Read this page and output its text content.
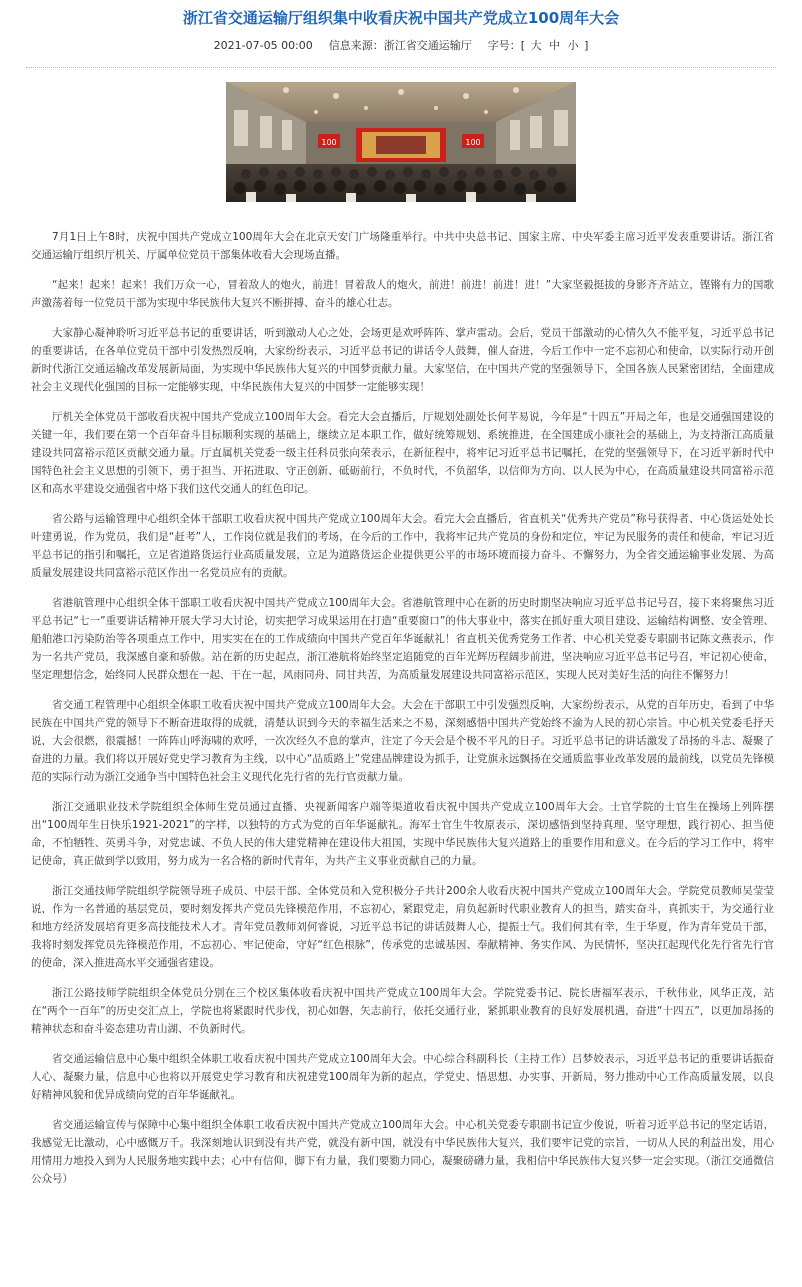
浙江省交通运输厅组织集中收看庆祝中国共产党成立100周年大会
2021-07-05 00:00 信息来源：浙江省交通运输厅 字号：[ 大 中 小 ]
100	100

7月1日上午8时，庆祝中国共产党成立100周年大会在北京天安门广场隆重举行。中共中央总书记、国家主席、中央军委主席习近平发表重要讲话。浙江省交通运输厅组织厅机关、厅属单位党员干部集体收看大会现场直播。

“起来！起来！起来！我们万众一心，冒着敌人的炮火，前进！冒着敌人的炮火，前进！前进！前进！进！”大家坚毅挺拔的身影齐齐站立，铿锵有力的国歌声激荡着每一位党员干部为实现中华民族伟大复兴不断拼搏、奋斗的雄心壮志。

大家静心凝神聆听习近平总书记的重要讲话，听到激动人心之处，会场更是欢呼阵阵、掌声雷动。会后，党员干部激动的心情久久不能平复，习近平总书记的重要讲话，在各单位党员干部中引发热烈反响，大家纷纷表示，习近平总书记的讲话令人鼓舞，催人奋进，今后工作中一定不忘初心和使命，以实际行动开创新时代浙江交通运输改革发展新局面，为实现中华民族伟大复兴的中国梦贡献力量。大家坚信，在中国共产党的坚强领导下，全国各族人民紧密团结，全面建成社会主义现代化强国的目标一定能够实现，中华民族伟大复兴的中国梦一定能够实现！

厅机关全体党员干部收看庆祝中国共产党成立100周年大会。看完大会直播后，厅规划处副处长何芊易说，今年是“十四五”开局之年，也是交通强国建设的关键一年，我们要在第一个百年奋斗目标顺利实现的基础上，继续立足本职工作，做好统筹规划、系统推进，在全国建成小康社会的基础上，为支持浙江高质量建设共同富裕示范区贡献交通力量。厅直属机关党委一级主任科员张向荣表示，在新征程中，将牢记习近平总书记嘱托，在党的坚强领导下，在习近平新时代中国特色社会主义思想的引领下，勇于担当、开拓进取、守正创新、砥砺前行，不负时代，不负韶华，以信仰为方向、以人民为中心，在高质量建设共同富裕示范区和高水平建设交通强省中烙下我们这代交通人的红色印记。

省公路与运输管理中心组织全体干部职工收看庆祝中国共产党成立100周年大会。看完大会直播后，省直机关“优秀共产党员”称号获得者、中心货运处处长叶建勇说，作为党员，我们是“赶考”人，工作岗位就是我们的考场，在今后的工作中，我将牢记共产党员的身份和定位，牢记为民服务的责任和使命，牢记习近平总书记的指引和嘱托，立足省道路货运行业高质量发展，立足为道路货运企业提供更公平的市场环境而接力奋斗、不懈努力，为全省交通运输事业发展、为高质量发展建设共同富裕示范区作出一名党员应有的贡献。

省港航管理中心组织全体干部职工收看庆祝中国共产党成立100周年大会。省港航管理中心在新的历史时期坚决响应习近平总书记号召，接下来将聚焦习近平总书记“七一”重要讲话精神开展大学习大讨论，切实把学习成果运用在打造“重要窗口”的伟大事业中，落实在抓好重大项目建设、运输结构调整、安全管理、船舶港口污染防治等各项重点工作中，用实实在在的工作成绩向中国共产党百年华诞献礼！省直机关优秀党务工作者、中心机关党委专职副书记陈文燕表示，作为一名共产党员，我深感自豪和骄傲。站在新的历史起点，浙江港航将始终坚定追随党的百年光辉历程阔步前进，坚决响应习近平总书记号召，牢记初心使命，坚定理想信念，始终同人民群众想在一起、干在一起，风雨同舟、同甘共苦，为高质量发展建设共同富裕示范区，实现人民对美好生活的向往不懈努力！

省交通工程管理中心组织全体职工收看庆祝中国共产党成立100周年大会。大会在干部职工中引发强烈反响，大家纷纷表示，从党的百年历史，看到了中华民族在中国共产党的领导下不断奋进取得的成就，清楚认识到今天的幸福生活来之不易，深刻感悟中国共产党始终不渝为人民的初心宗旨。中心机关党委毛抒天说，大会很燃，很震撼！一阵阵山呼海啸的欢呼，一次次经久不息的掌声，注定了今天会是个极不平凡的日子。习近平总书记的讲话激发了昂扬的斗志、凝聚了奋进的力量。我们将以开展好党史学习教育为主线，以中心“品质路上”党建品牌建设为抓手，让党旗永远飘扬在交通质监事业改革发展的最前线，以党员先锋模范的实际行动为浙江交通争当中国特色社会主义现代化先行省的先行官贡献力量。

浙江交通职业技术学院组织全体师生党员通过直播、央视新闻客户端等渠道收看庆祝中国共产党成立100周年大会。士官学院的士官生在操场上列阵摆出“100周年生日快乐1921-2021”的字样，以独特的方式为党的百年华诞献礼。海军士官生牛牧原表示，深切感悟到坚持真理、坚守理想，践行初心、担当使命，不怕牺牲、英勇斗争，对党忠诚、不负人民的伟大建党精神在建设伟大祖国，实现中华民族伟大复兴道路上的重要作用和意义。在今后的学习工作中，将牢记使命，真正做到学以致用，努力成为一名合格的新时代青年，为共产主义事业贡献自己的力量。

浙江交通技师学院组织学院领导班子成员、中层干部、全体党员和入党积极分子共计200余人收看庆祝中国共产党成立100周年大会。学院党员教师吴莹莹说，作为一名普通的基层党员，要时刻发挥共产党员先锋模范作用，不忘初心，紧跟党走，肩负起新时代职业教育人的担当，踏实奋斗，真抓实干，为交通行业和地方经济发展培育更多高技能技术人才。青年党员教师刘何睿说，习近平总书记的讲话鼓舞人心，提振士气。我们何其有幸，生于华夏，作为青年党员干部，我将时刻发挥党员先锋模范作用，不忘初心、牢记使命，守好“红色根脉”，传承党的忠诚基因、奉献精神、务实作风、为民情怀，坚决扛起现代化先行省先行官的使命，深入推进高水平交通强省建设。

浙江公路技师学院组织全体党员分别在三个校区集体收看庆祝中国共产党成立100周年大会。学院党委书记、院长唐福军表示，千秋伟业，风华正茂，站在“两个一百年”的历史交汇点上，学院也将紧跟时代步伐，初心如磐，矢志前行，依托交通行业，紧抓职业教育的良好发展机遇，奋进“十四五”，以更加昂扬的精神状态和奋斗姿态建功青山湖、不负新时代。

省交通运输信息中心集中组织全体职工收看庆祝中国共产党成立100周年大会。中心综合科副科长（主持工作）吕梦姣表示，习近平总书记的重要讲话振奋人心、凝聚力量，信息中心也将以开展党史学习教育和庆祝建党100周年为新的起点，学党史、悟思想、办实事、开新局，努力推动中心工作高质量发展，以良好精神风貌和优异成绩向党的百年华诞献礼。

省交通运输宣传与保障中心集中组织全体职工收看庆祝中国共产党成立100周年大会。中心机关党委专职副书记宣少俊说，听着习近平总书记的坚定话语，我感觉无比激动，心中感慨万千。我深刻地认识到没有共产党，就没有新中国，就没有中华民族伟大复兴，我们要牢记党的宗旨，一切从人民的利益出发，用心用情用力地投入到为人民服务地实践中去；心中有信仰，脚下有力量，我们要勠力同心，凝聚磅礴力量，我相信中华民族伟大复兴梦一定会实现。（浙江交通微信公众号）
